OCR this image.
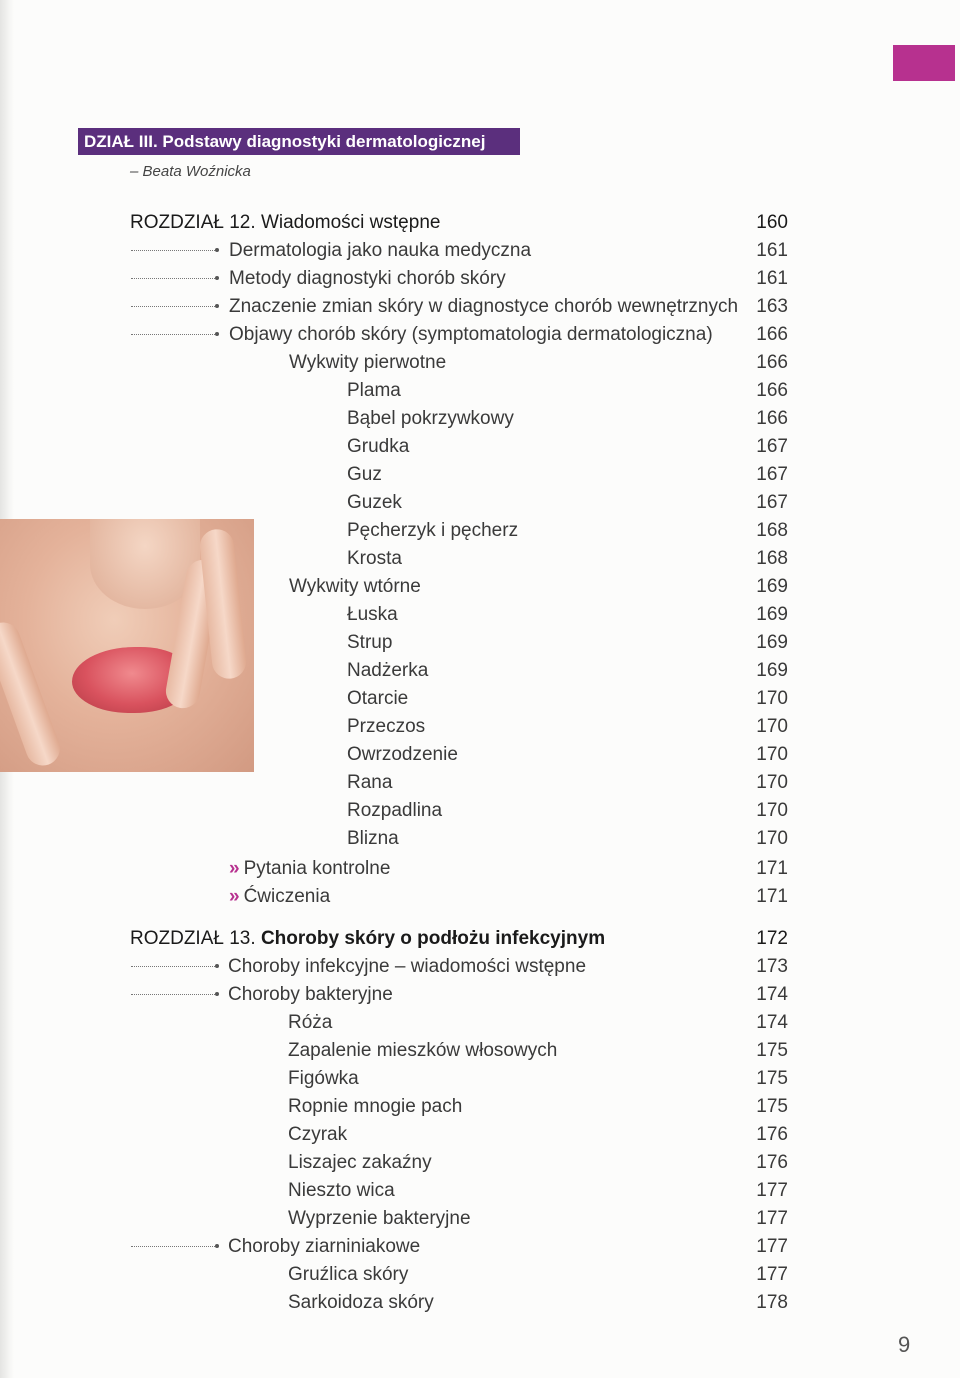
DZIAŁ III. Podstawy diagnostyki dermatologicznej
– Beata Woźnicka
ROZDZIAŁ 12. Wiadomości wstępne	160
Dermatologia jako nauka medyczna	161
Metody diagnostyki chorób skóry	161
Znaczenie zmian skóry w diagnostyce chorób wewnętrznych 163
Objawy chorób skóry (symptomatologia dermatologiczna)	166
Wykwity pierwotne	166
Plama	166
Bąbel pokrzywkowy	166
Grudka	167
Guz	167
Guzek	167
Pęcherzyk i pęcherz	168
Krosta	168
Wykwity wtórne	169
Łuska	169
Strup	169
Nadżerka	169
Otarcie	170
Przeczos	170
Owrzodzenie	170
Rana	170
Rozpadlina	170
Blizna	170
» Pytania kontrolne	171
» Ćwiczenia	171
ROZDZIAŁ 13. Choroby skóry o podłożu infekcyjnym	172
Choroby infekcyjne – wiadomości wstępne	173
Choroby bakteryjne	174
Róża	174
Zapalenie mieszków włosowych	175
Figówka	175
Ropnie mnogie pach	175
Czyrak	176
Liszajec zakaźny	176
Nieszto wica	177
Wyprzenie bakteryjne	177
Choroby ziarniniakowe	177
Gruźlica skóry	177
Sarkoidoza skóry	178
9
